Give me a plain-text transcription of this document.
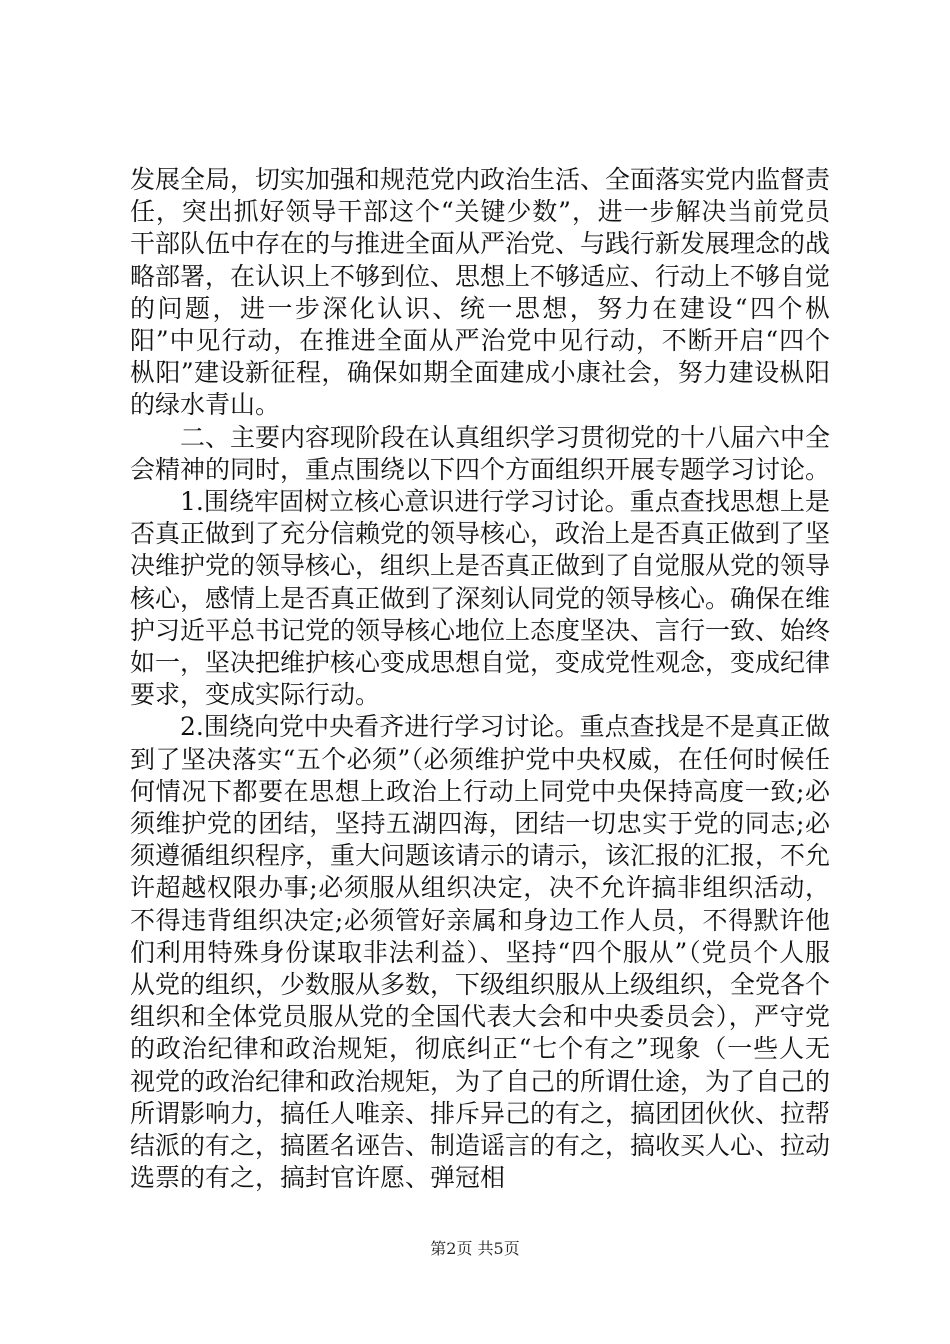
发展全局，切实加强和规范党内政治生活、全面落实党内监督责任，突出抓好领导干部这个“关键少数”，进一步解决当前党员干部队伍中存在的与推进全面从严治党、与践行新发展理念的战略部署，在认识上不够到位、思想上不够适应、行动上不够自觉的问题，进一步深化认识、统一思想，努力在建设“四个枞阳”中见行动，在推进全面从严治党中见行动，不断开启“四个枞阳”建设新征程，确保如期全面建成小康社会，努力建设枞阳的绿水青山。

二、主要内容现阶段在认真组织学习贯彻党的十八届六中全会精神的同时，重点围绕以下四个方面组织开展专题学习讨论。

1.围绕牢固树立核心意识进行学习讨论。重点查找思想上是否真正做到了充分信赖党的领导核心，政治上是否真正做到了坚决维护党的领导核心，组织上是否真正做到了自觉服从党的领导核心，感情上是否真正做到了深刻认同党的领导核心。确保在维护习近平总书记党的领导核心地位上态度坚决、言行一致、始终如一，坚决把维护核心变成思想自觉，变成党性观念，变成纪律要求，变成实际行动。

2.围绕向党中央看齐进行学习讨论。重点查找是不是真正做到了坚决落实“五个必须”（必须维护党中央权威，在任何时候任何情况下都要在思想上政治上行动上同党中央保持高度一致;必须维护党的团结，坚持五湖四海，团结一切忠实于党的同志;必须遵循组织程序，重大问题该请示的请示，该汇报的汇报，不允许超越权限办事;必须服从组织决定，决不允许搞非组织活动，不得违背组织决定;必须管好亲属和身边工作人员，不得默许他们利用特殊身份谋取非法利益）、坚持“四个服从”（党员个人服从党的组织，少数服从多数，下级组织服从上级组织，全党各个组织和全体党员服从党的全国代表大会和中央委员会），严守党的政治纪律和政治规矩，彻底纠正“七个有之”现象（一些人无视党的政治纪律和政治规矩，为了自己的所谓仕途，为了自己的所谓影响力，搞任人唯亲、排斥异己的有之，搞团团伙伙、拉帮结派的有之，搞匿名诬告、制造谣言的有之，搞收买人心、拉动选票的有之，搞封官许愿、弹冠相

第2页 共5页
